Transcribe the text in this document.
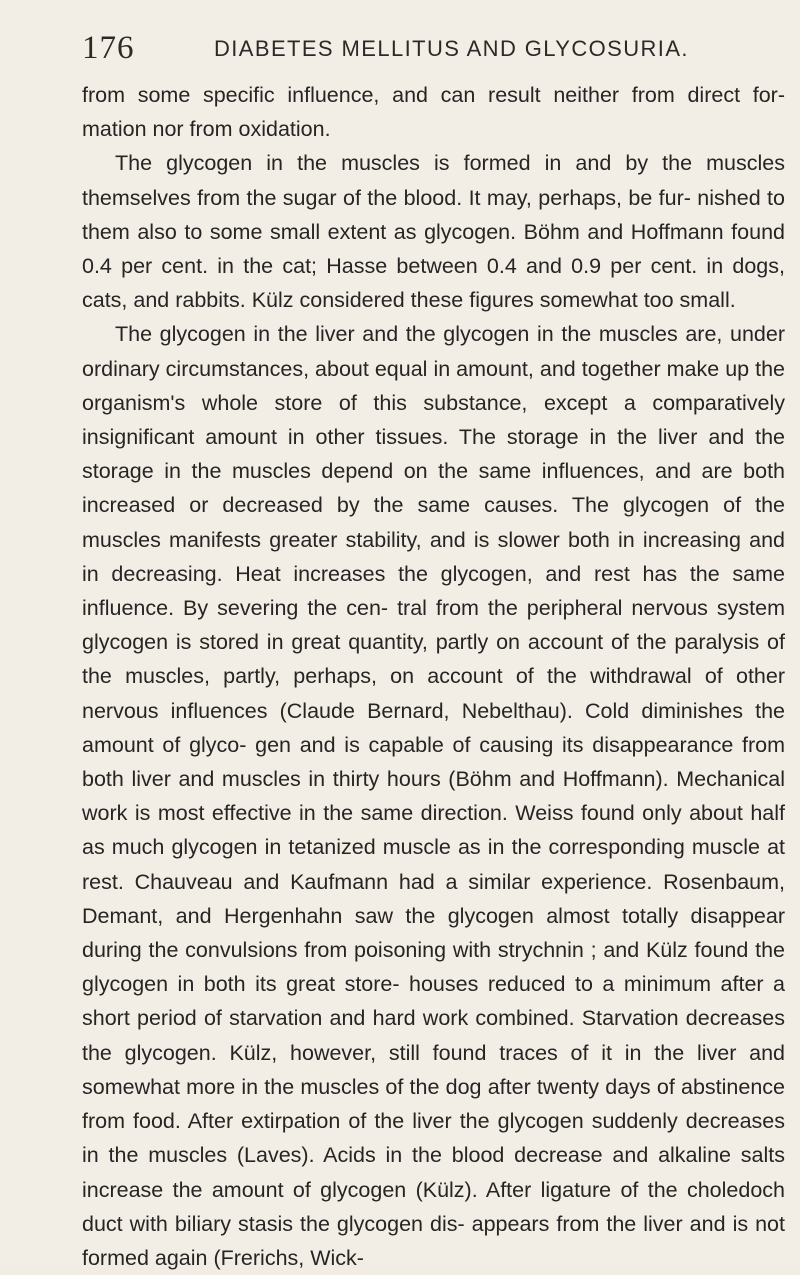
176	DIABETES MELLITUS AND GLYCOSURIA.

from some specific influence, and can result neither from direct for- mation nor from oxidation.

The glycogen in the muscles is formed in and by the muscles themselves from the sugar of the blood. It may, perhaps, be fur- nished to them also to some small extent as glycogen. Böhm and Hoffmann found 0.4 per cent. in the cat; Hasse between 0.4 and 0.9 per cent. in dogs, cats, and rabbits. Külz considered these figures somewhat too small.

The glycogen in the liver and the glycogen in the muscles are, under ordinary circumstances, about equal in amount, and together make up the organism's whole store of this substance, except a comparatively insignificant amount in other tissues. The storage in the liver and the storage in the muscles depend on the same influences, and are both increased or decreased by the same causes. The glycogen of the muscles manifests greater stability, and is slower both in increasing and in decreasing. Heat increases the glycogen, and rest has the same influence. By severing the cen- tral from the peripheral nervous system glycogen is stored in great quantity, partly on account of the paralysis of the muscles, partly, perhaps, on account of the withdrawal of other nervous influences (Claude Bernard, Nebelthau). Cold diminishes the amount of glyco- gen and is capable of causing its disappearance from both liver and muscles in thirty hours (Böhm and Hoffmann). Mechanical work is most effective in the same direction. Weiss found only about half as much glycogen in tetanized muscle as in the corresponding muscle at rest. Chauveau and Kaufmann had a similar experience. Rosenbaum, Demant, and Hergenhahn saw the glycogen almost totally disappear during the convulsions from poisoning with strychnin ; and Külz found the glycogen in both its great store- houses reduced to a minimum after a short period of starvation and hard work combined. Starvation decreases the glycogen. Külz, however, still found traces of it in the liver and somewhat more in the muscles of the dog after twenty days of abstinence from food. After extirpation of the liver the glycogen suddenly decreases in the muscles (Laves). Acids in the blood decrease and alkaline salts increase the amount of glycogen (Külz). After ligature of the choledoch duct with biliary stasis the glycogen dis- appears from the liver and is not formed again (Frerichs, Wick-
